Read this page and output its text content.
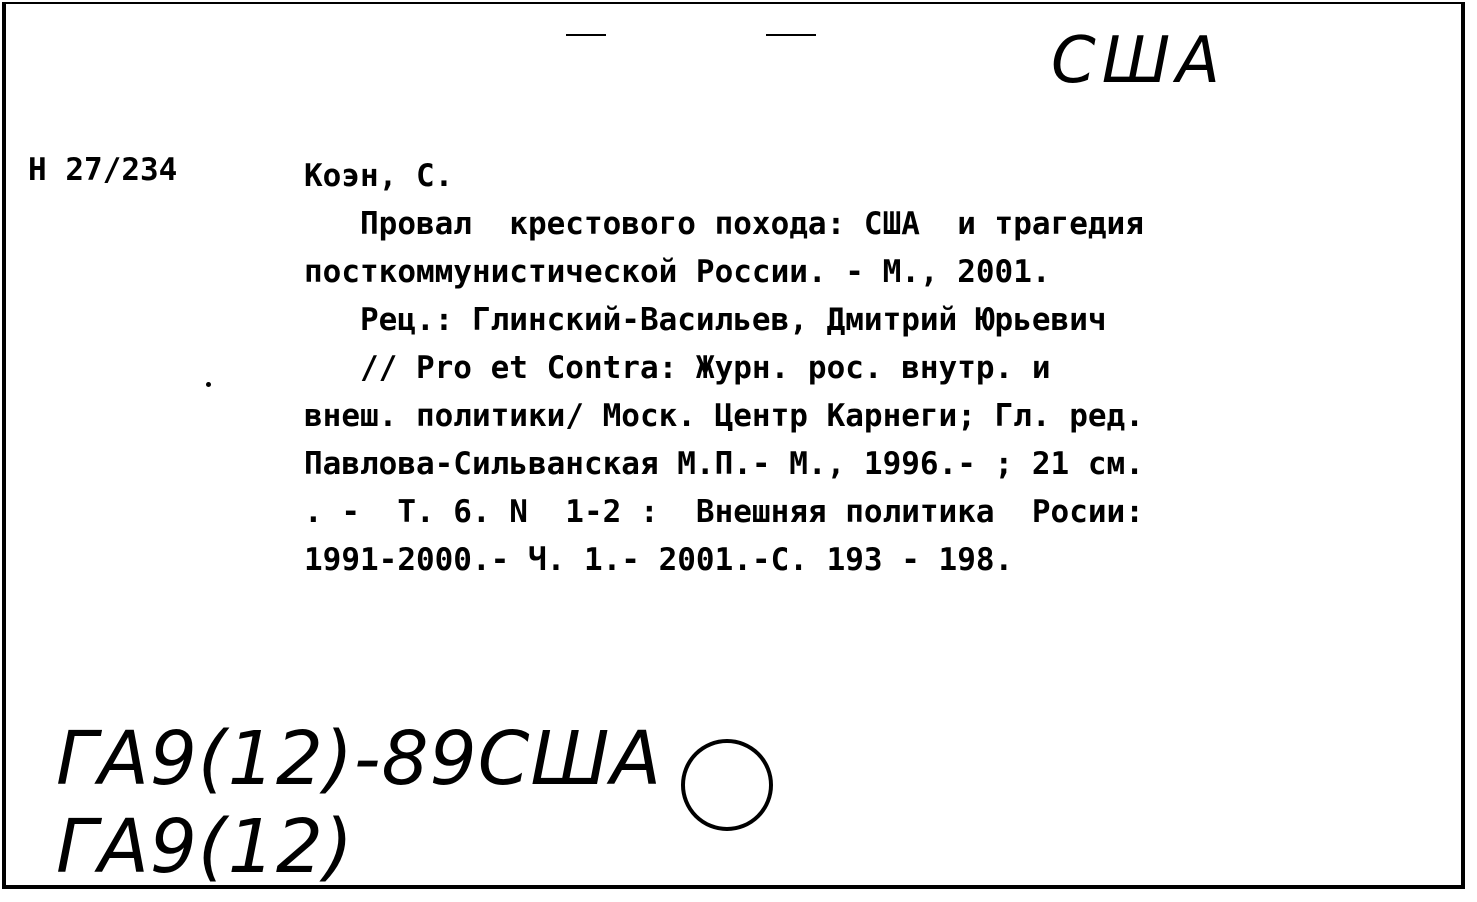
США
Н 27/234	Коэн, С.
Провал  крестового похода: США  и трагедия
посткоммунистической России. - М., 2001.
Рец.: Глинский-Васильев, Дмитрий Юрьевич
// Pro et Contra: Журн. рос. внутр. и
внеш. политики/ Моск. Центр Карнеги; Гл. ред.
Павлова-Сильванская М.П.- М., 1996.- ; 21 см.
. -  Т. 6. N  1-2 :  Внешняя политика  Росии:
1991-2000.- Ч. 1.- 2001.-С. 193 - 198.
ГА9(12)-89США
ГА9(12)
